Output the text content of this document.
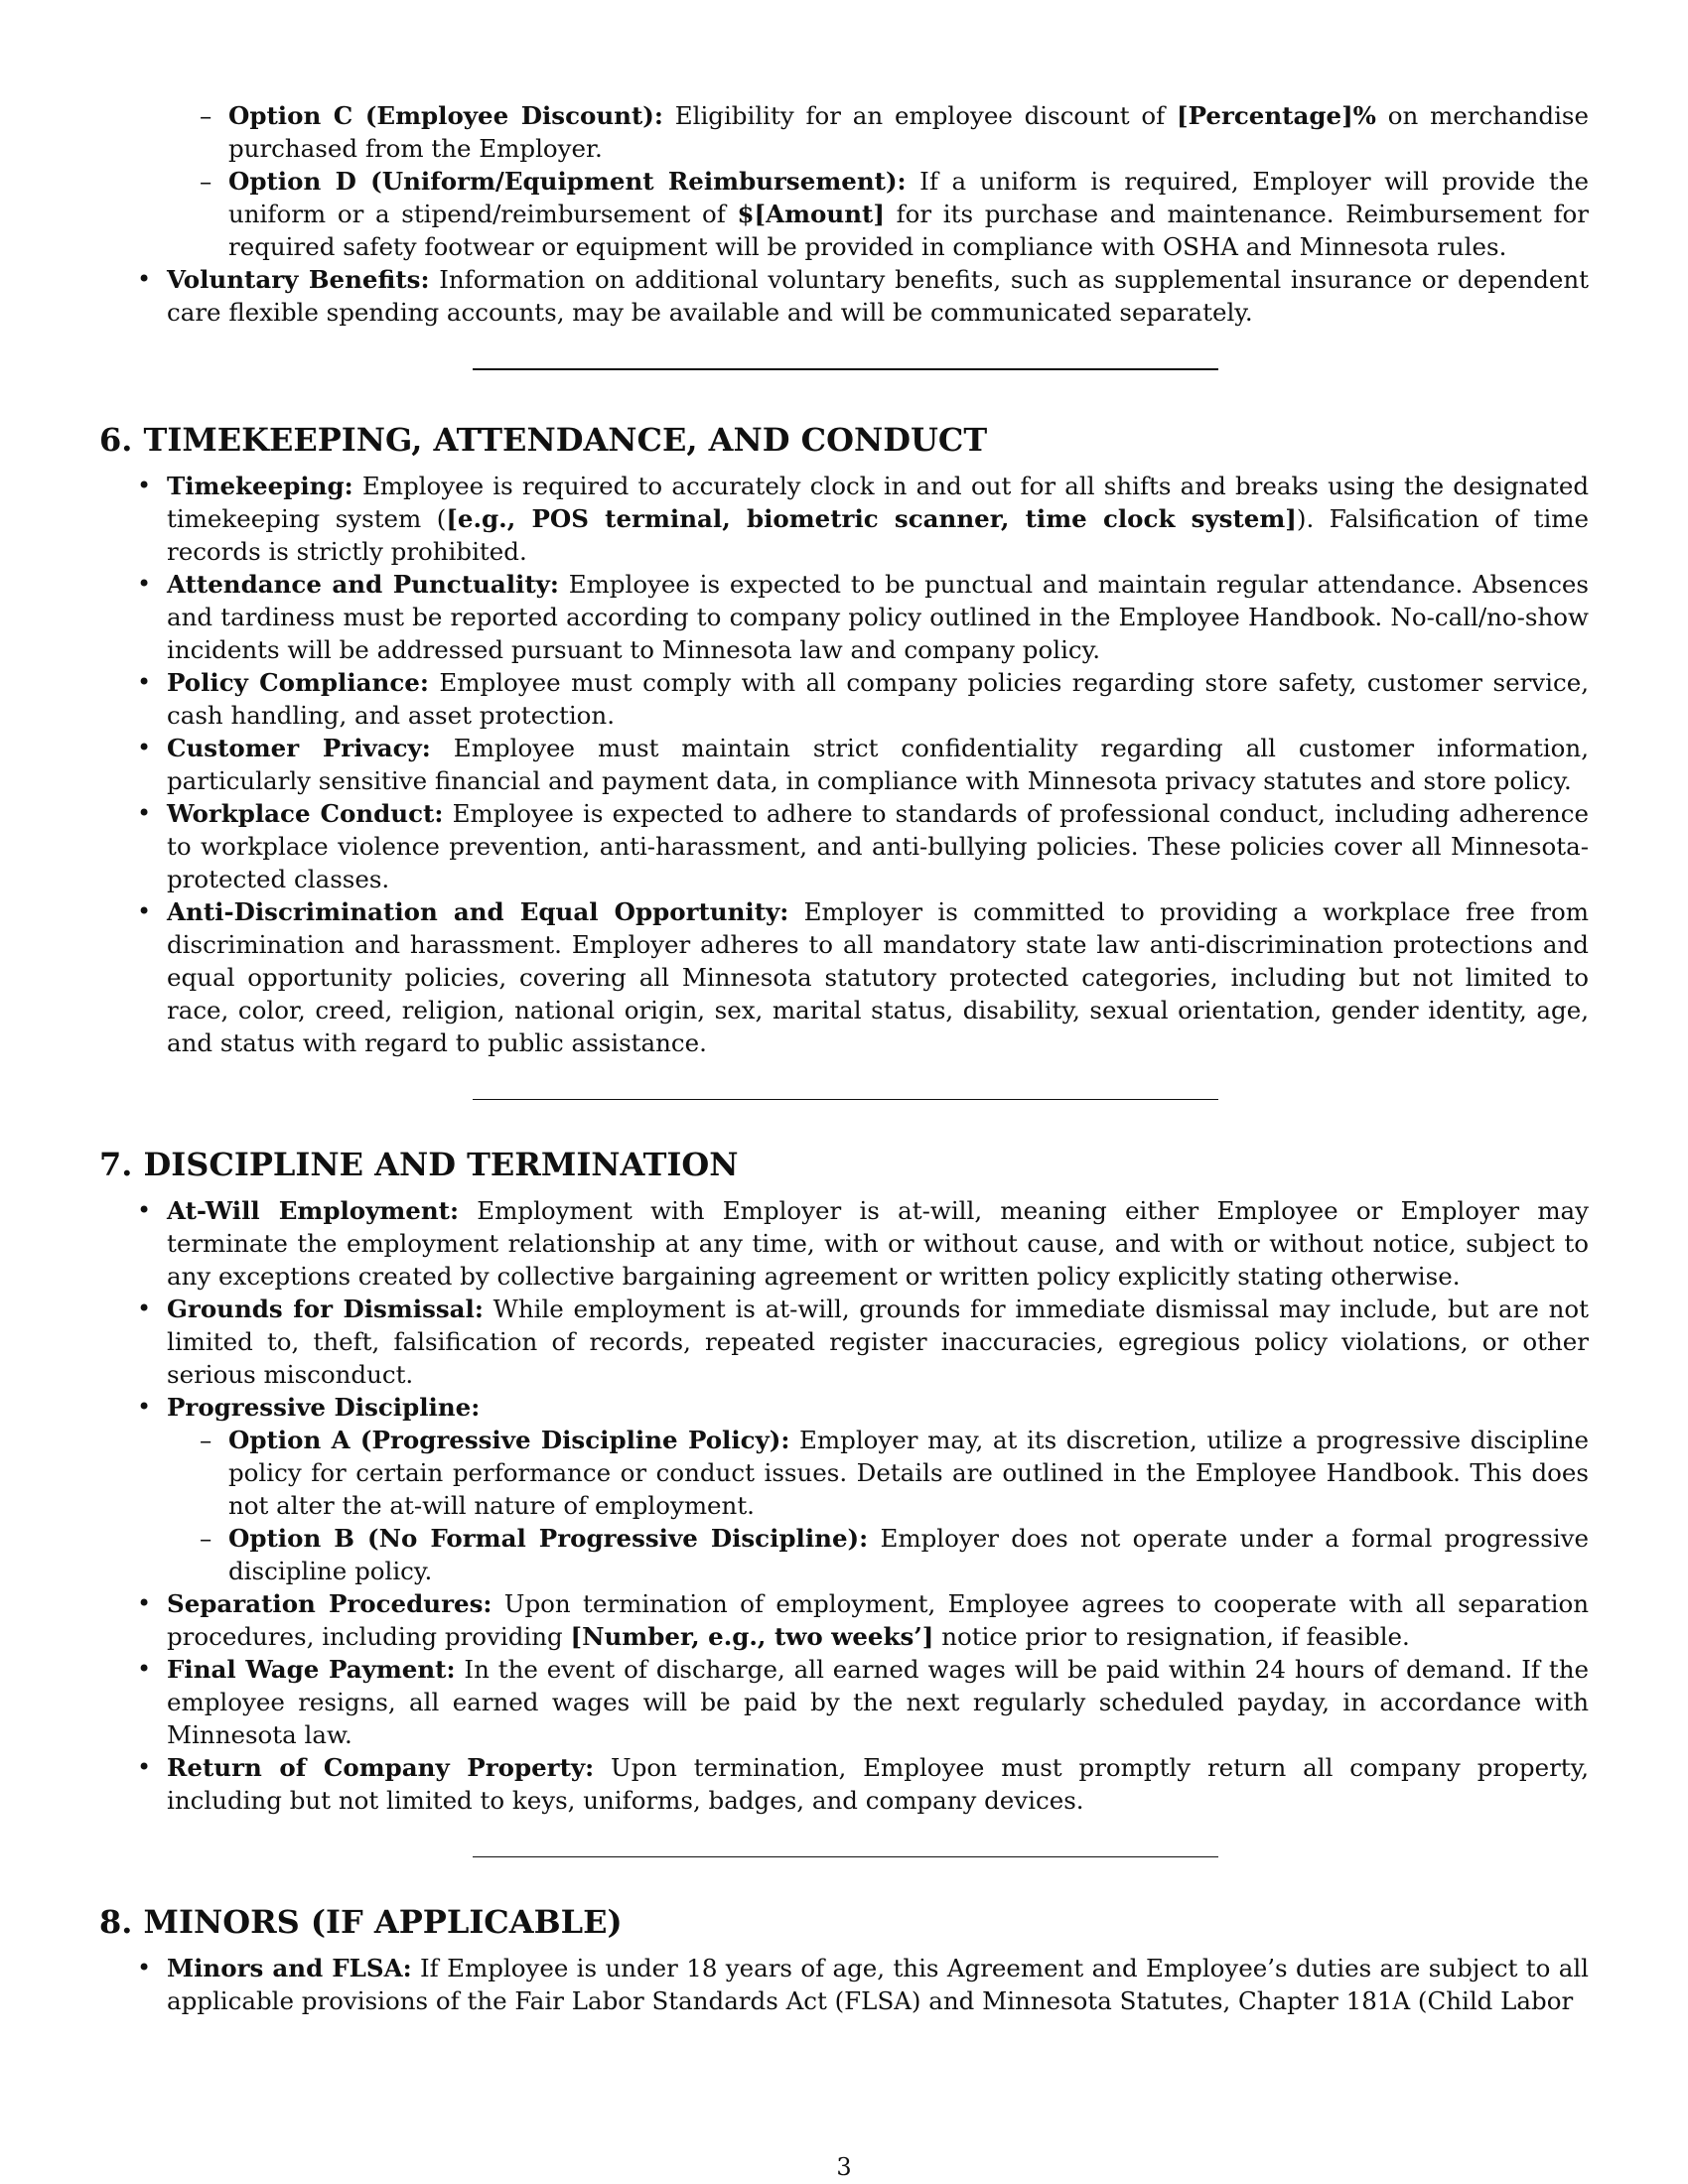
– Option C (Employee Discount): Eligibility for an employee discount of [Percentage]% on merchandise purchased from the Employer.
– Option D (Uniform/Equipment Reimbursement): If a uniform is required, Employer will provide the uniform or a stipend/reimbursement of $[Amount] for its purchase and maintenance. Reimbursement for required safety footwear or equipment will be provided in compliance with OSHA and Minnesota rules.
• Voluntary Benefits: Information on additional voluntary benefits, such as supplemental insurance or dependent care flexible spending accounts, may be available and will be communicated separately.
6. TIMEKEEPING, ATTENDANCE, AND CONDUCT
• Timekeeping: Employee is required to accurately clock in and out for all shifts and breaks using the designated timekeeping system ([e.g., POS terminal, biometric scanner, time clock system]). Falsification of time records is strictly prohibited.
• Attendance and Punctuality: Employee is expected to be punctual and maintain regular attendance. Absences and tardiness must be reported according to company policy outlined in the Employee Handbook. No-call/no-show incidents will be addressed pursuant to Minnesota law and company policy.
• Policy Compliance: Employee must comply with all company policies regarding store safety, customer service, cash handling, and asset protection.
• Customer Privacy: Employee must maintain strict confidentiality regarding all customer information, particularly sensitive financial and payment data, in compliance with Minnesota privacy statutes and store policy.
• Workplace Conduct: Employee is expected to adhere to standards of professional conduct, including adherence to workplace violence prevention, anti-harassment, and anti-bullying policies. These policies cover all Minnesota-protected classes.
• Anti-Discrimination and Equal Opportunity: Employer is committed to providing a workplace free from discrimination and harassment. Employer adheres to all mandatory state law anti-discrimination protections and equal opportunity policies, covering all Minnesota statutory protected categories, including but not limited to race, color, creed, religion, national origin, sex, marital status, disability, sexual orientation, gender identity, age, and status with regard to public assistance.
7. DISCIPLINE AND TERMINATION
• At-Will Employment: Employment with Employer is at-will, meaning either Employee or Employer may terminate the employment relationship at any time, with or without cause, and with or without notice, subject to any exceptions created by collective bargaining agreement or written policy explicitly stating otherwise.
• Grounds for Dismissal: While employment is at-will, grounds for immediate dismissal may include, but are not limited to, theft, falsification of records, repeated register inaccuracies, egregious policy violations, or other serious misconduct.
• Progressive Discipline:
– Option A (Progressive Discipline Policy): Employer may, at its discretion, utilize a progressive discipline policy for certain performance or conduct issues. Details are outlined in the Employee Handbook. This does not alter the at-will nature of employment.
– Option B (No Formal Progressive Discipline): Employer does not operate under a formal progressive discipline policy.
• Separation Procedures: Upon termination of employment, Employee agrees to cooperate with all separation procedures, including providing [Number, e.g., two weeks’] notice prior to resignation, if feasible.
• Final Wage Payment: In the event of discharge, all earned wages will be paid within 24 hours of demand. If the employee resigns, all earned wages will be paid by the next regularly scheduled payday, in accordance with Minnesota law.
• Return of Company Property: Upon termination, Employee must promptly return all company property, including but not limited to keys, uniforms, badges, and company devices.
8. MINORS (IF APPLICABLE)
• Minors and FLSA: If Employee is under 18 years of age, this Agreement and Employee’s duties are subject to all applicable provisions of the Fair Labor Standards Act (FLSA) and Minnesota Statutes, Chapter 181A (Child Labor
3
